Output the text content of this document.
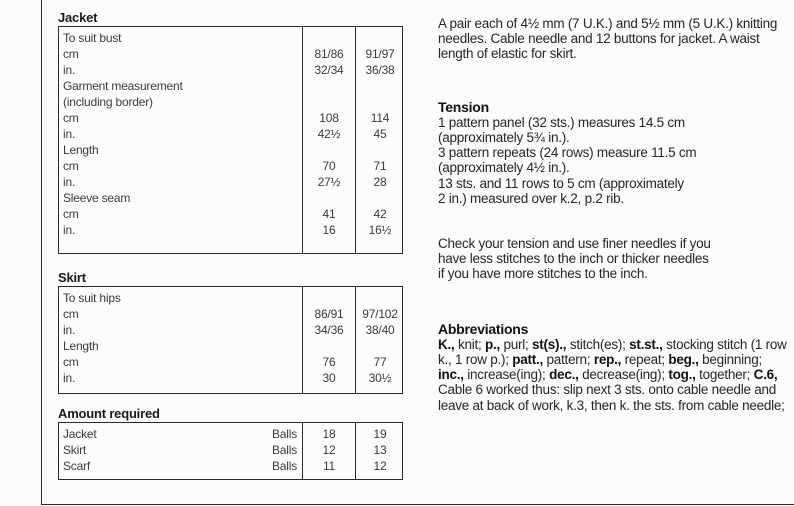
Jacket
To suit bust
cm	81/86	91/97
in.	32/34	36/38
Garment measurement
(including border)
cm	108	114
in.	42½	45
Length
cm	70	71
in.	27½	28
Sleeve seam
cm	41	42
in.	16	16½
Skirt
To suit hips
cm	86/91	97/102
in.	34/36	38/40
Length
cm	76	77
in.	30	30½
Amount required
Jacket	Balls	18	19
Skirt	Balls	12	13
Scarf	Balls	11	12

A pair each of 4½ mm (7 U.K.) and 5½ mm (5 U.K.) knitting needles. Cable needle and 12 buttons for jacket. A waist length of elastic for skirt.

Tension
1 pattern panel (32 sts.) measures 14.5 cm
(approximately 5¾ in.).
3 pattern repeats (24 rows) measure 11.5 cm
(approximately 4½ in.).
13 sts. and 11 rows to 5 cm (approximately
2 in.) measured over k.2, p.2 rib.
Check your tension and use finer needles if you
have less stitches to the inch or thicker needles
if you have more stitches to the inch.
Abbreviations

K., knit; p., purl; st(s)., stitch(es); st.st., stocking stitch (1 row k., 1 row p.); patt., pattern; rep., repeat; beg., beginning; inc., increase(ing); dec., decrease(ing); tog., together; C.6, Cable 6 worked thus: slip next 3 sts. onto cable needle and leave at back of work, k.3, then k. the sts. from cable needle;
